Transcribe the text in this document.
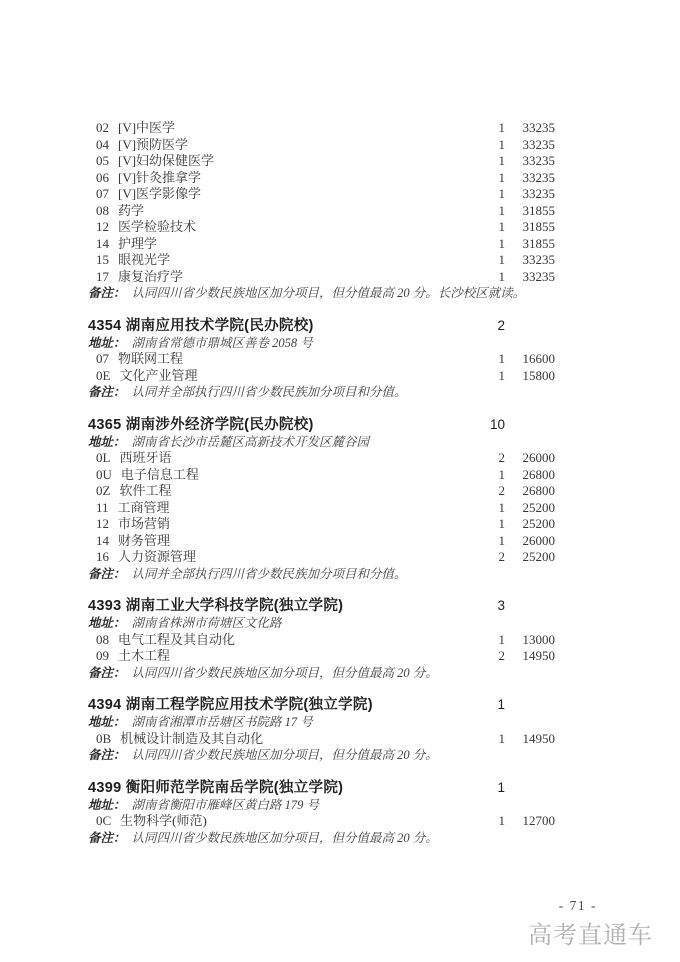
02 [V]中医学	1	33235
04 [V]预防医学	1	33235
05 [V]妇幼保健医学	1	33235
06 [V]针灸推拿学	1	33235
07 [V]医学影像学	1	33235
08 药学	1	31855
12 医学检验技术	1	31855
14 护理学	1	31855
15 眼视光学	1	33235
17 康复治疗学	1	33235
备注： 认同四川省少数民族地区加分项目，但分值最高 20 分。长沙校区就读。
4354 湖南应用技术学院(民办院校)	2
地址： 湖南省常德市鼎城区善卷 2058 号
07 物联网工程	1	16600
0E 文化产业管理	1	15800
备注： 认同并全部执行四川省少数民族加分项目和分值。
4365 湖南涉外经济学院(民办院校)	10
地址： 湖南省长沙市岳麓区高新技术开发区麓谷园
0L 西班牙语	2	26000
0U 电子信息工程	1	26800
0Z 软件工程	2	26800
11 工商管理	1	25200
12 市场营销	1	25200
14 财务管理	1	26000
16 人力资源管理	2	25200
备注： 认同并全部执行四川省少数民族加分项目和分值。
4393 湖南工业大学科技学院(独立学院)	3
地址： 湖南省株洲市荷塘区文化路
08 电气工程及其自动化	1	13000
09 土木工程	2	14950
备注： 认同四川省少数民族地区加分项目，但分值最高 20 分。
4394 湖南工程学院应用技术学院(独立学院)	1
地址： 湖南省湘潭市岳塘区书院路 17 号
0B 机械设计制造及其自动化	1	14950
备注： 认同四川省少数民族地区加分项目，但分值最高 20 分。
4399 衡阳师范学院南岳学院(独立学院)	1
地址： 湖南省衡阳市雁峰区黄白路 179 号
0C 生物科学(师范)	1	12700
备注： 认同四川省少数民族地区加分项目，但分值最高 20 分。
- 71 -
高考直通车
